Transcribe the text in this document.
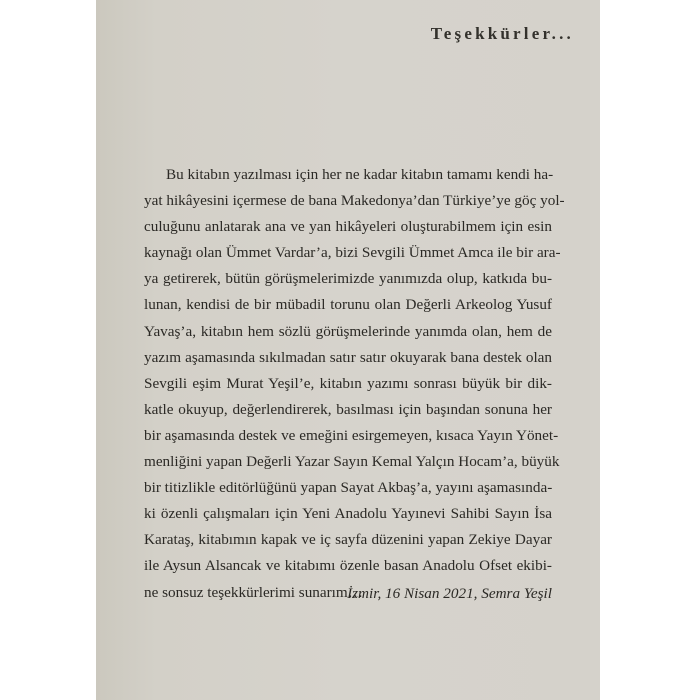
Teşekkürler...
Bu kitabın yazılması için her ne kadar kitabın tamamı kendi ha-
yat hikâyesini içermese de bana Makedonya’dan Türkiye’ye göç yol-
culuğunu anlatarak ana ve yan hikâyeleri oluşturabilmem için esin
kaynağı olan Ümmet Vardar’a, bizi Sevgili Ümmet Amca ile bir ara-
ya getirerek, bütün görüşmelerimizde yanımızda olup, katkıda bu-
lunan, kendisi de bir mübadil torunu olan Değerli Arkeolog Yusuf
Yavaş’a, kitabın hem sözlü görüşmelerinde yanımda olan, hem de
yazım aşamasında sıkılmadan satır satır okuyarak bana destek olan
Sevgili eşim Murat Yeşil’e, kitabın yazımı sonrası büyük bir dik-
katle okuyup, değerlendirerek, basılması için başından sonuna her
bir aşamasında destek ve emeğini esirgemeyen, kısaca Yayın Yönet-
menliğini yapan Değerli Yazar Sayın Kemal Yalçın Hocam’a, büyük
bir titizlikle editörlüğünü yapan Sayat Akbaş’a, yayını aşamasında-
ki özenli çalışmaları için Yeni Anadolu Yayınevi Sahibi Sayın İsa
Karataş, kitabımın kapak ve iç sayfa düzenini yapan Zekiye Dayar
ile Aysun Alsancak ve kitabımı özenle basan Anadolu Ofset ekibi-
ne sonsuz teşekkürlerimi sunarım…
İzmir, 16 Nisan 2021, Semra Yeşil
